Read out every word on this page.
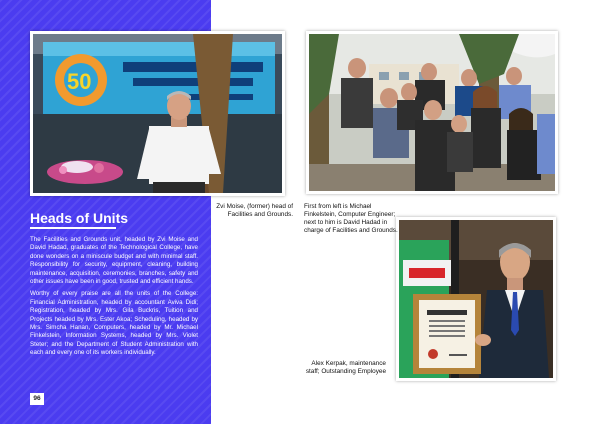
50
Heads of Units

The Facilities and Grounds unit, headed by Zvi Moise and David Hadad, graduates of the Technological College, have done wonders on a miniscule budget and with minimal staff. Responsibility for security, equipment, cleaning, building maintenance, acquisition, ceremonies, branches, safety and other issues have been in good, trusted and efficient hands.

Worthy of every praise are all the units of the College: Financial Administration, headed by accountant Aviva Didi; Registration, headed by Mrs. Gila Buckris, Tuition and Projects headed by Mrs. Ester Akoa; Scheduling, headed by Mrs. Simcha Hanan, Computers, headed by Mr. Michael Finkelstein, Information Systems, headed by Mrs. Violet Steter; and the Department of Student Administration with each and every one of its workers individually.

96
Zvi Moise, (former) head of Facilities and Grounds.
First from left is Michael Finkelstein, Computer Engineer; next to him is David Hadad in charge of Facilities and Grounds.
Alex Kerpak, maintenance staff; Outstanding Employee
